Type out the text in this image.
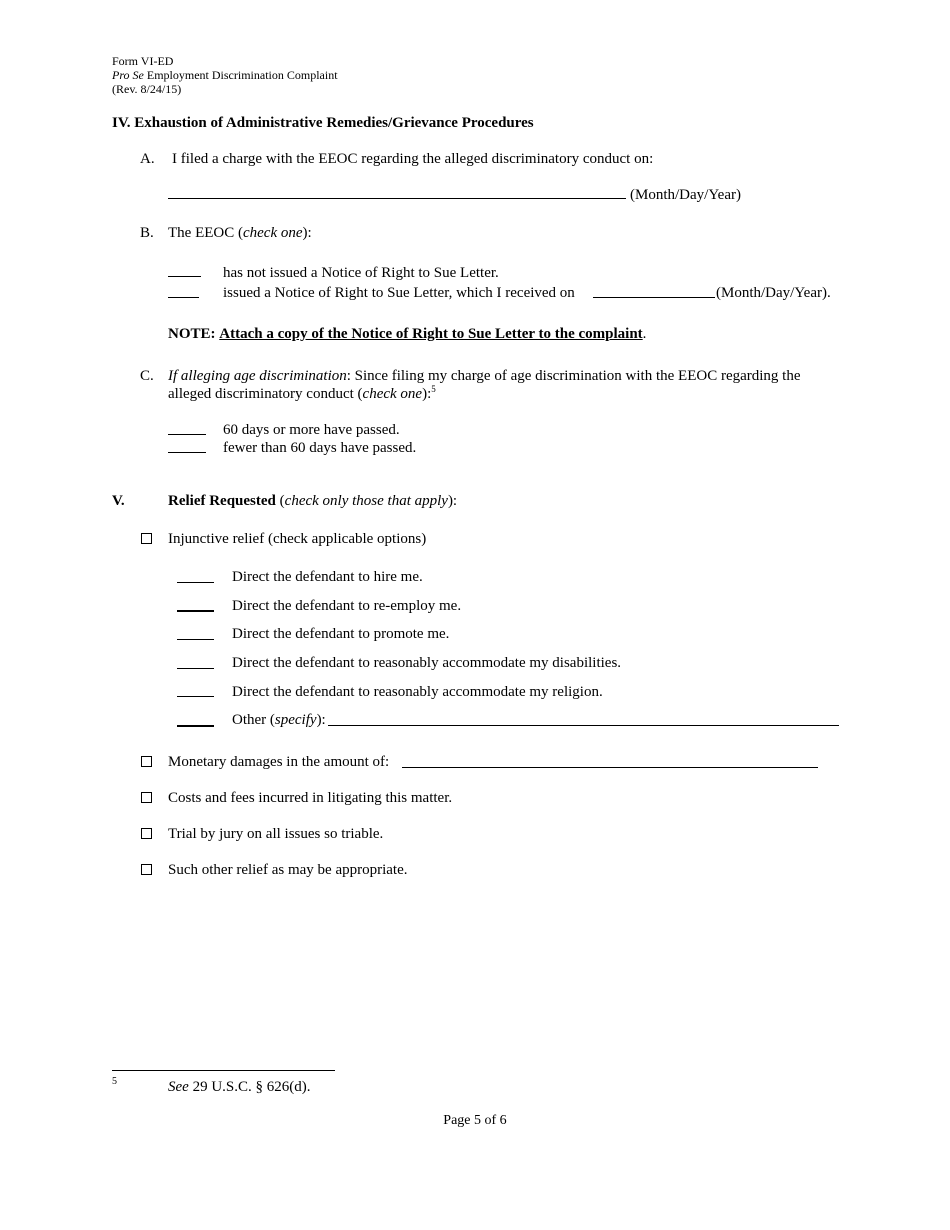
Form VI-ED
Pro Se Employment Discrimination Complaint
(Rev. 8/24/15)
IV. Exhaustion of Administrative Remedies/Grievance Procedures
A. I filed a charge with the EEOC regarding the alleged discriminatory conduct on:
(Month/Day/Year)
B. The EEOC (check one):
has not issued a Notice of Right to Sue Letter.
issued a Notice of Right to Sue Letter, which I received on	(Month/Day/Year).
NOTE: Attach a copy of the Notice of Right to Sue Letter to the complaint.
C. If alleging age discrimination: Since filing my charge of age discrimination with the EEOC regarding the
alleged discriminatory conduct (check one):$^5$
60 days or more have passed.
fewer than 60 days have passed.
V.	Relief Requested (check only those that apply):
Injunctive relief (check applicable options)
Direct the defendant to hire me.
Direct the defendant to re-employ me.
Direct the defendant to promote me.
Direct the defendant to reasonably accommodate my disabilities.
Direct the defendant to reasonably accommodate my religion.
Other (specify):
Monetary damages in the amount of:
Costs and fees incurred in litigating this matter.
Trial by jury on all issues so triable.
Such other relief as may be appropriate.
5	See 29 U.S.C. § 626(d).
Page 5 of 6
